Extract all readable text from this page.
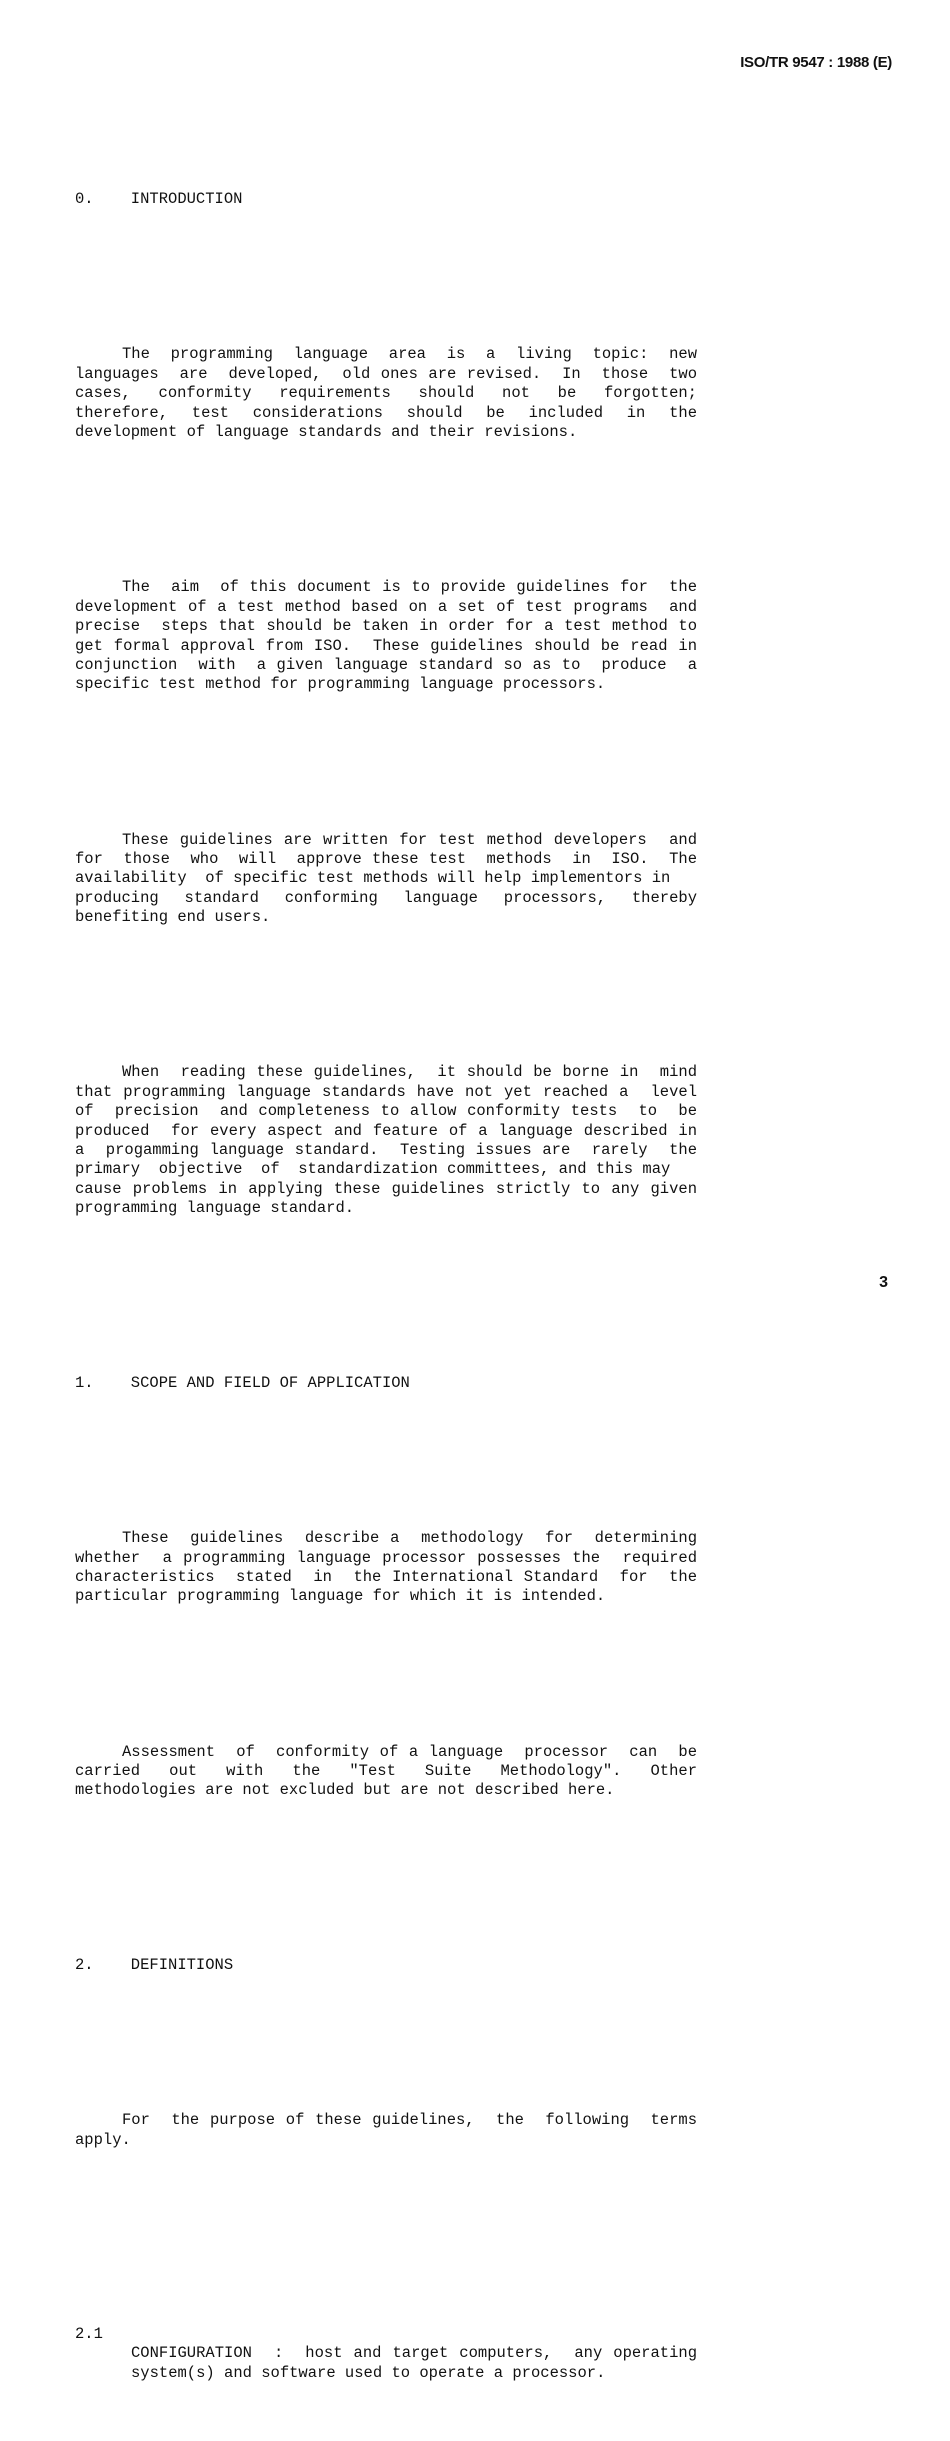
ISO/TR 9547 : 1988 (E)

0.    INTRODUCTION

The  programming  language  area  is  a  living  topic:  new
languages  are  developed,  old ones are revised.  In  those  two
cases,  conformity  requirements  should  not  be  forgotten;
therefore,  test  considerations  should  be  included  in  the
development of language standards and their revisions.

The  aim  of this document is to provide guidelines for  the
development of a test method based on a set of test programs  and
precise  steps that should be taken in order for a test method to
get formal approval from ISO.  These guidelines should be read in
conjunction  with  a given language standard so as to  produce  a
specific test method for programming language processors.

These guidelines are written for test method developers  and
for  those  who  will  approve these test  methods  in  ISO.  The
availability  of specific test methods will help implementors in
producing  standard  conforming  language  processors,  thereby
benefiting end users.

When  reading these guidelines,  it should be borne in  mind
that programming language standards have not yet reached a  level
of  precision  and completeness to allow conformity tests  to  be
produced  for every aspect and feature of a language described in
a  progamming language standard.  Testing issues are  rarely  the
primary  objective  of  standardization committees, and this may
cause problems in applying these guidelines strictly to any given
programming language standard.

1.    SCOPE AND FIELD OF APPLICATION

These  guidelines  describe a  methodology  for  determining
whether  a programming language processor possesses the  required
characteristics  stated  in  the International Standard  for  the
particular programming language for which it is intended.

Assessment  of  conformity of a language  processor  can  be
carried  out  with  the  "Test  Suite  Methodology".  Other
methodologies are not excluded but are not described here.

2.    DEFINITIONS

For  the purpose of these guidelines,  the  following  terms
apply.

2.1

CONFIGURATION  :  host and target computers,  any operating
system(s) and software used to operate a processor.

3
